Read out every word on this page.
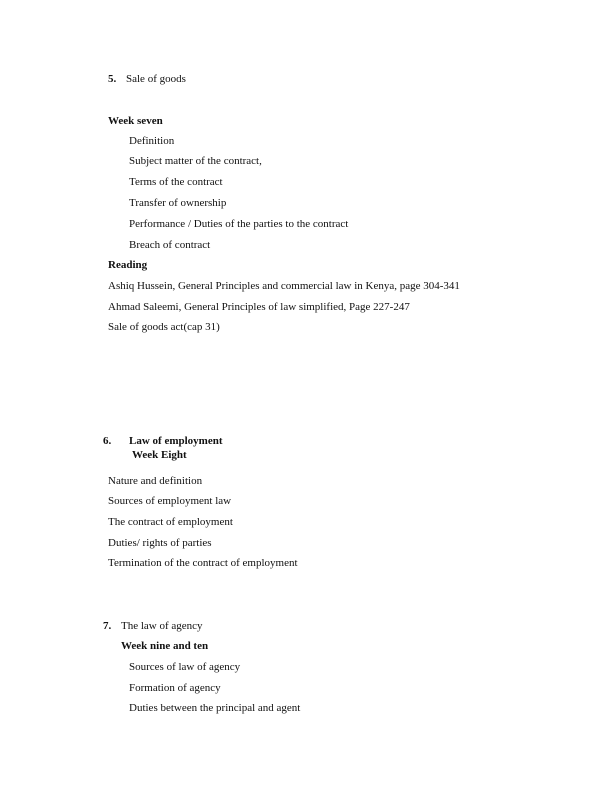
5. Sale of goods
Week seven
Definition
Subject matter of the contract,
Terms of the contract
Transfer of ownership
Performance / Duties of the parties to the contract
Breach of contract
Reading
Ashiq Hussein, General Principles and commercial law in Kenya, page 304-341
Ahmad Saleemi, General Principles of law simplified, Page 227-247
Sale of goods act(cap 31)
6. Law of employment
Week Eight
Nature and definition
Sources of employment law
The contract of employment
Duties/ rights of parties
Termination of the contract of employment
7. The law of agency
Week nine and ten
Sources of law of agency
Formation of agency
Duties between the principal and agent
